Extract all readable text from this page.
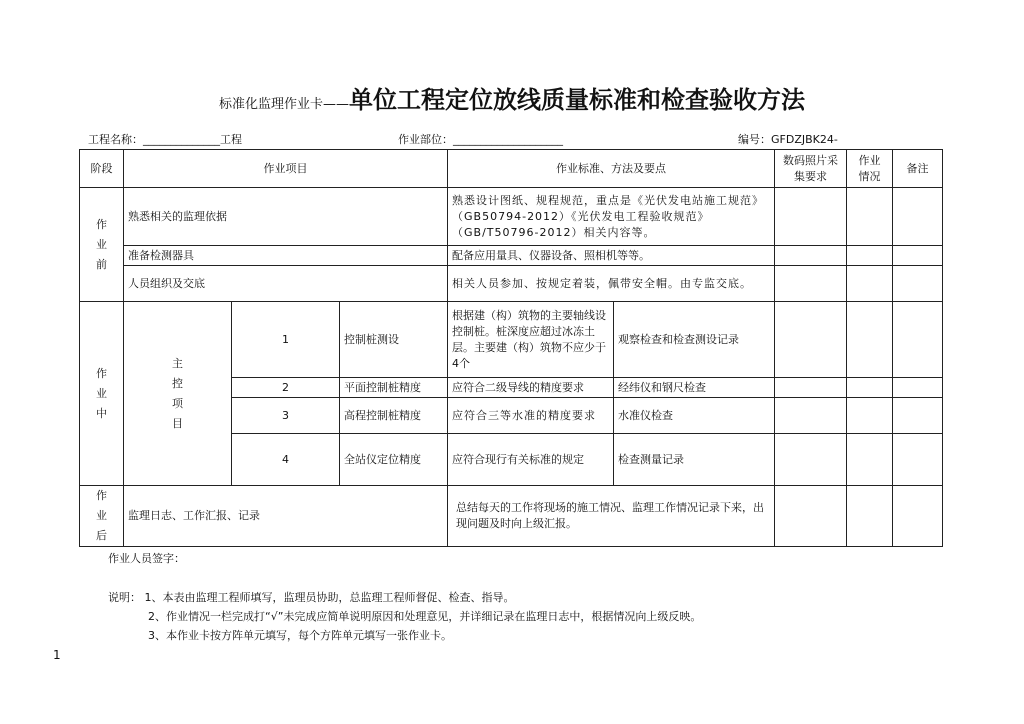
标准化监理作业卡——单位工程定位放线质量标准和检查验收方法
工程名称：______________工程	作业部位：____________________	编号：GFDZJBK24-
阶段	作业项目			作业标准、方法及要点		数码照片采集要求	作业情况	备注
作业前	熟悉相关的监理依据			熟悉设计图纸、规程规范，重点是《光伏发电站施工规范》（GB50794-2012）《光伏发电工程验收规范》（GB/T50796-2012）相关内容等。				
	准备检测器具			配备应用量具、仪器设备、照相机等等。				
	人员组织及交底			相关人员参加、按规定着装，佩带安全帽。由专监交底。				
作业中	主控项目	1	控制桩测设	根据建（构）筑物的主要轴线设控制桩。桩深度应超过冰冻土层。主要建（构）筑物不应少于4个	观察检查和检查测设记录			
		2	平面控制桩精度	应符合二级导线的精度要求	经纬仪和钢尺检查			
		3	高程控制桩精度	应符合三等水准的精度要求	水准仪检查			
		4	全站仪定位精度	应符合现行有关标准的规定	检查测量记录			
作业后	监理日志、工作汇报、记录			总结每天的工作将现场的施工情况、监理工作情况记录下来，出现问题及时向上级汇报。				
作业人员签字：
说明： 1、本表由监理工程师填写，监理员协助，总监理工程师督促、检查、指导。
2、作业情况一栏完成打“√”未完成应简单说明原因和处理意见，并详细记录在监理日志中，根据情况向上级反映。
3、本作业卡按方阵单元填写，每个方阵单元填写一张作业卡。
1
